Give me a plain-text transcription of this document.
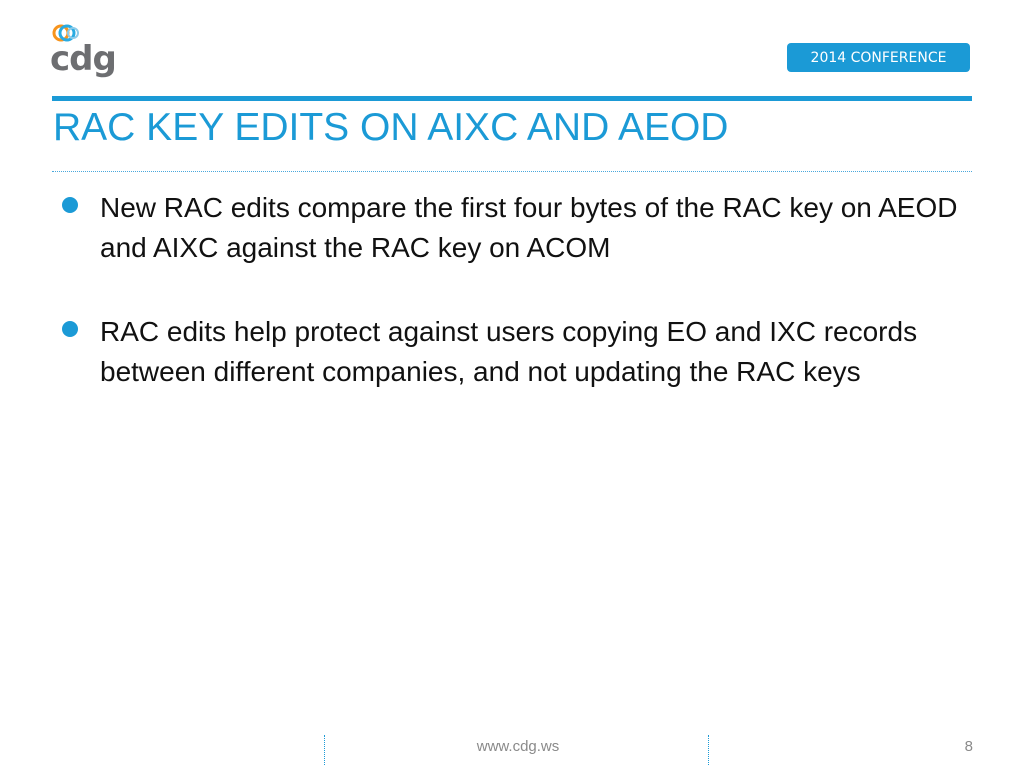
cdg	2014 CONFERENCE
RAC KEY EDITS ON AIXC AND AEOD
New RAC edits compare the first four bytes of the RAC key on AEOD and AIXC against the RAC key on ACOM
RAC edits help protect against users copying EO and IXC records between different companies, and not updating the RAC keys
www.cdg.ws	8
